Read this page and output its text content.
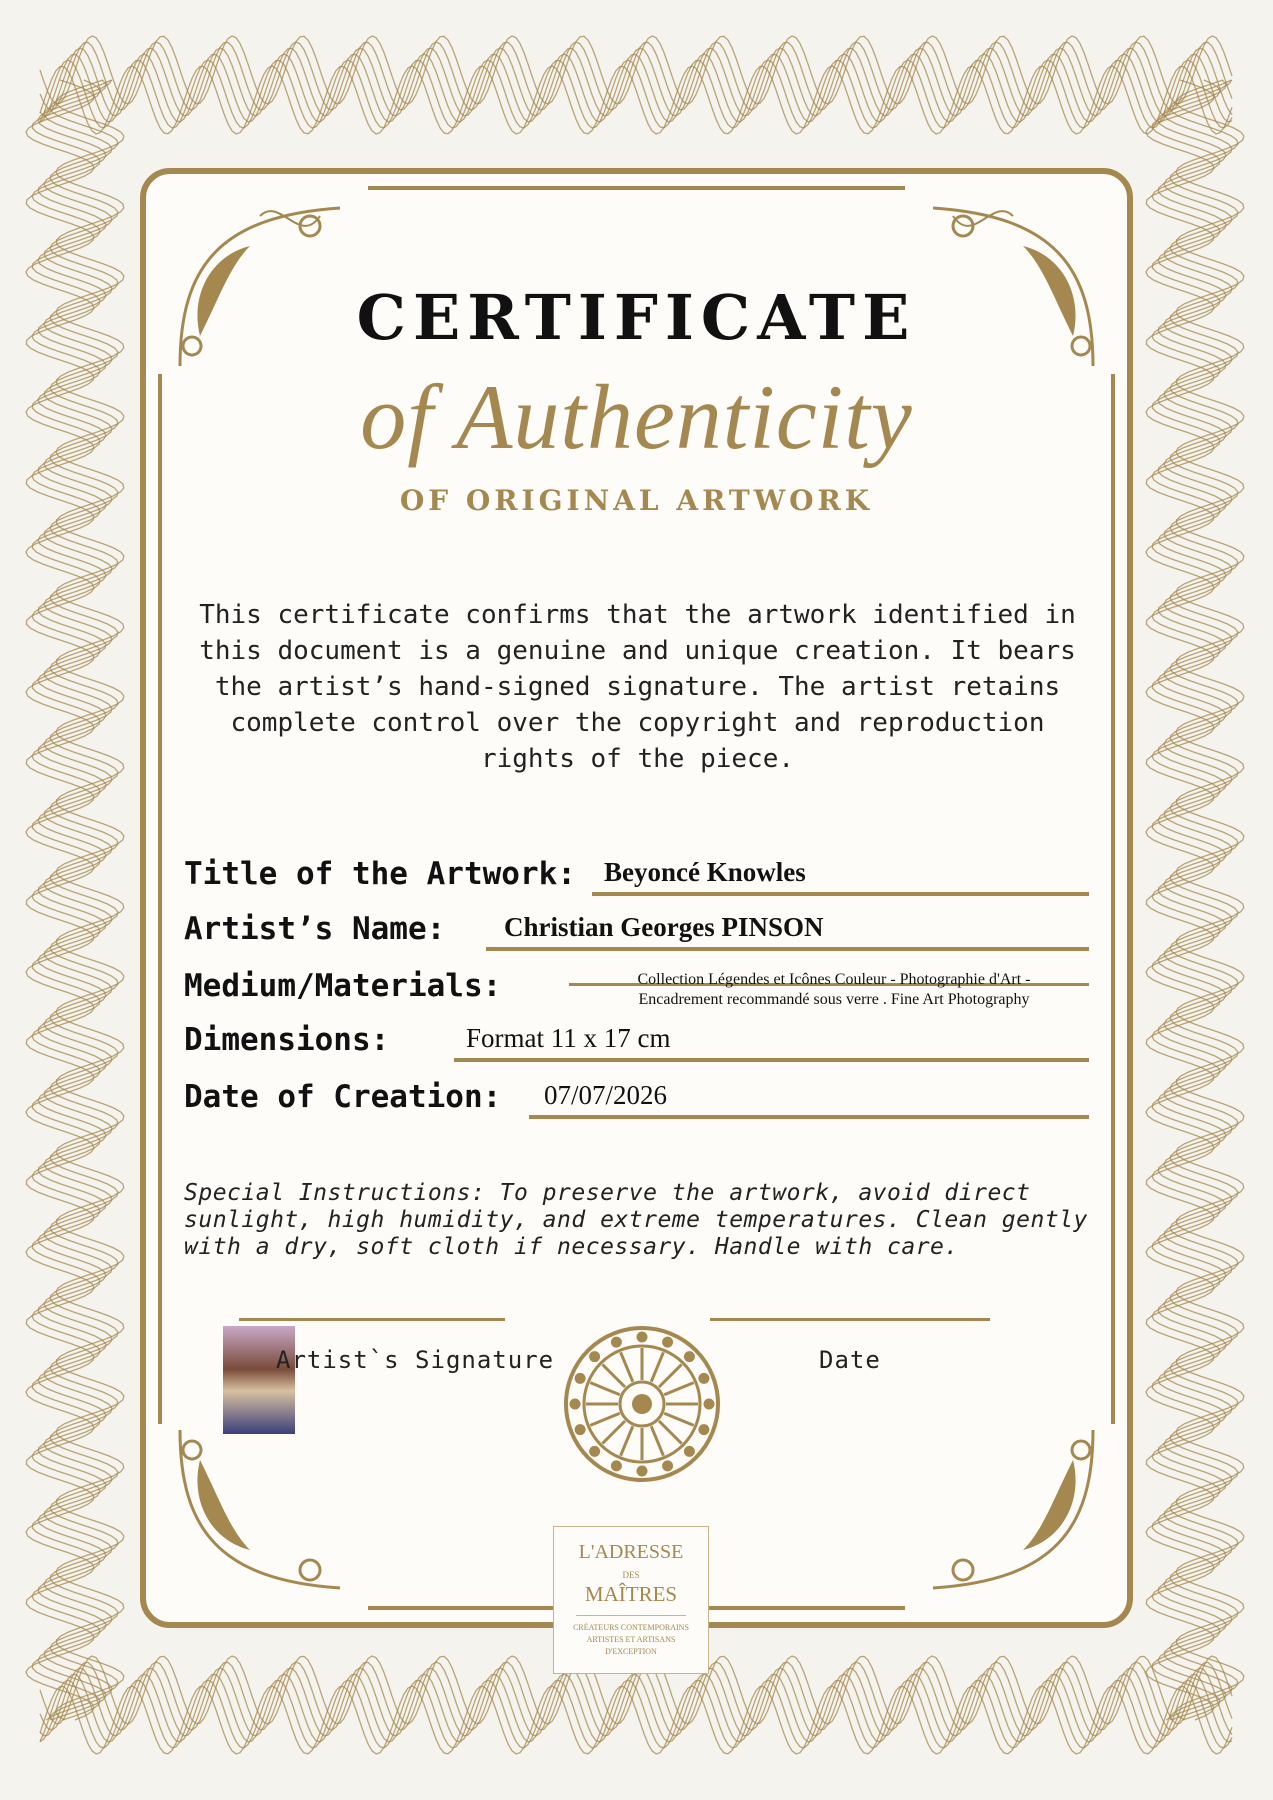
CERTIFICATE
of Authenticity
OF ORIGINAL ARTWORK
This certificate confirms that the artwork identified in this document is a genuine and unique creation. It bears the artist’s hand-signed signature. The artist retains complete control over the copyright and reproduction rights of the piece.
Title of the Artwork: Beyoncé Knowles
Artist’s Name: Christian Georges PINSON
Medium/Materials:	Collection Légendes et Icônes Couleur - Photographie d'Art -
Encadrement recommandé sous verre . Fine Art Photography
Dimensions:	Format 11 x 17 cm
Date of Creation: 07/07/2026
Special Instructions: To preserve the artwork, avoid direct sunlight, high humidity, and extreme temperatures. Clean gently with a dry, soft cloth if necessary. Handle with care.
Artist`s Signature	Date
L'ADRESSE
DES
MAÎTRES
CRÉATEURS CONTEMPORAINS
ARTISTES ET ARTISANS
D'EXCEPTION
